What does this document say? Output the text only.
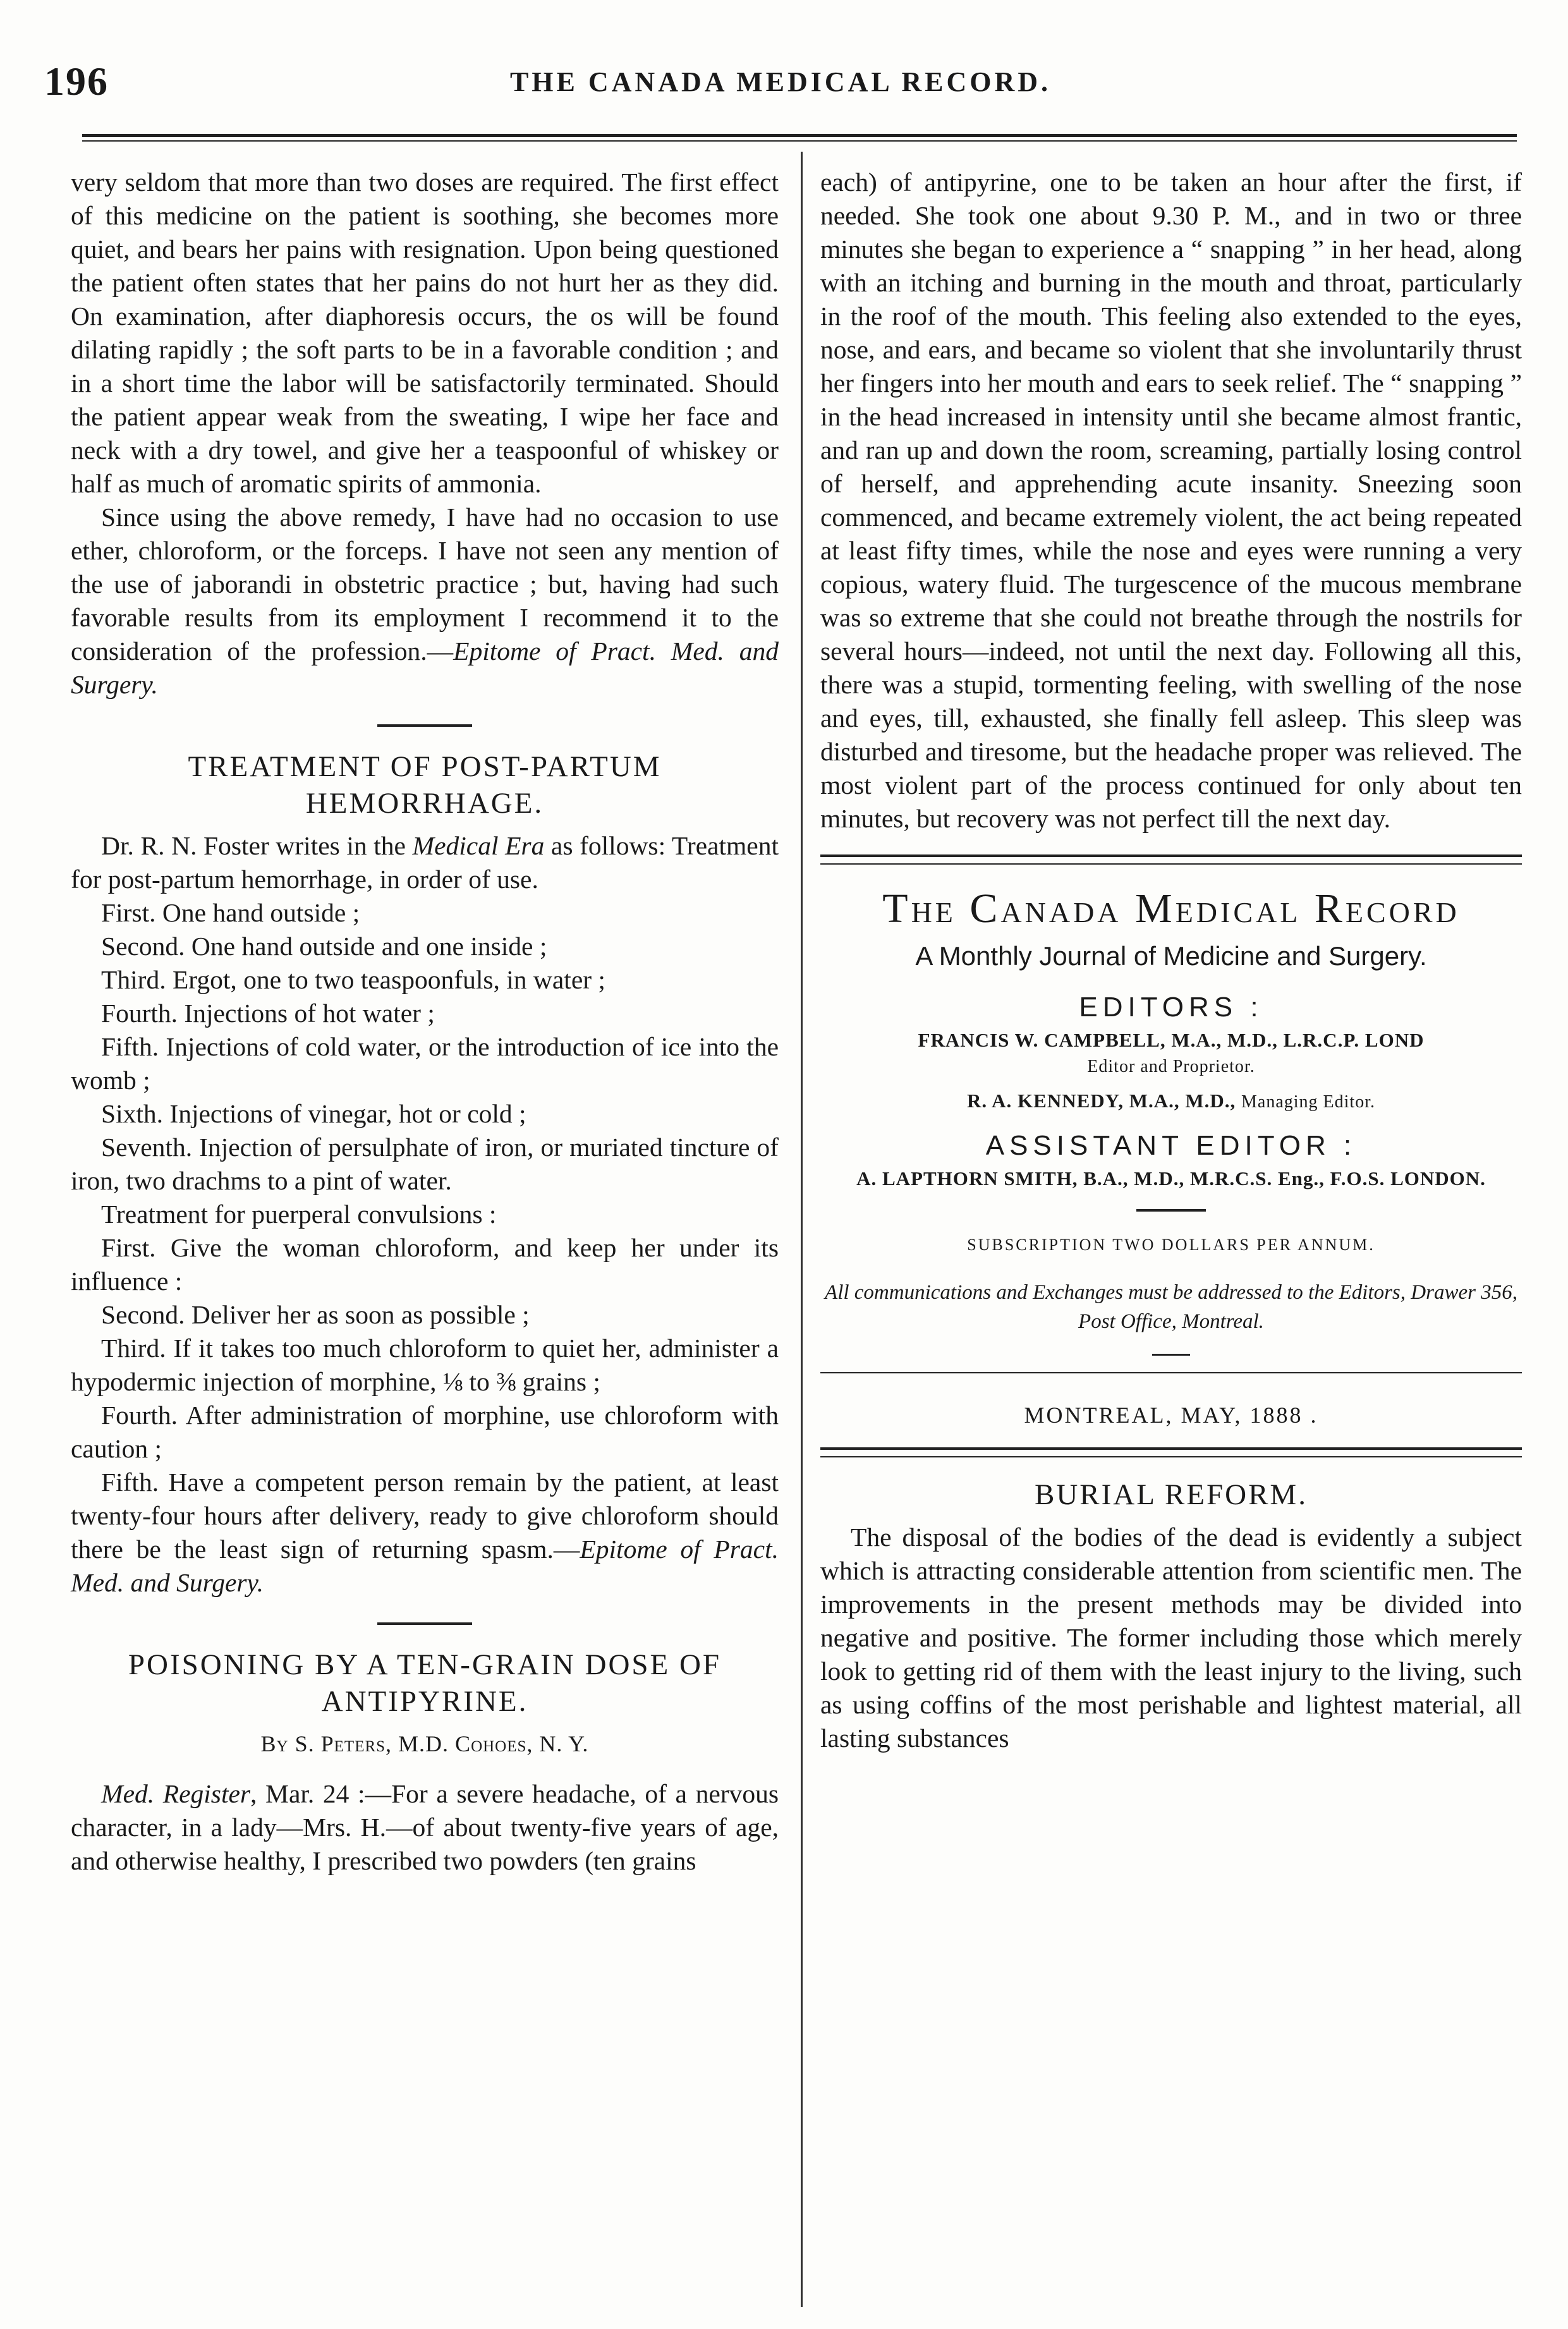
196	THE CANADA MEDICAL RECORD.

very seldom that more than two doses are required. The first effect of this medicine on the patient is soothing, she becomes more quiet, and bears her pains with resignation. Upon being questioned the patient often states that her pains do not hurt her as they did. On examination, after diaphoresis occurs, the os will be found dilating rapidly ; the soft parts to be in a favorable condition ; and in a short time the labor will be satisfactorily terminated. Should the patient appear weak from the sweating, I wipe her face and neck with a dry towel, and give her a teaspoonful of whiskey or half as much of aromatic spirits of ammonia.

Since using the above remedy, I have had no occasion to use ether, chloroform, or the forceps. I have not seen any mention of the use of jaborandi in obstetric practice ; but, having had such favorable results from its employment I recommend it to the consideration of the profession.—Epitome of Pract. Med. and Surgery.

TREATMENT OF POST-PARTUM HEMORRHAGE.

Dr. R. N. Foster writes in the Medical Era as follows: Treatment for post-partum hemorrhage, in order of use.

First. One hand outside ;

Second. One hand outside and one inside ;

Third. Ergot, one to two teaspoonfuls, in water ;

Fourth. Injections of hot water ;

Fifth. Injections of cold water, or the introduction of ice into the womb ;

Sixth. Injections of vinegar, hot or cold ;

Seventh. Injection of persulphate of iron, or muriated tincture of iron, two drachms to a pint of water.

Treatment for puerperal convulsions :

First. Give the woman chloroform, and keep her under its influence :

Second. Deliver her as soon as possible ;

Third. If it takes too much chloroform to quiet her, administer a hypodermic injection of morphine, ⅛ to ⅜ grains ;

Fourth. After administration of morphine, use chloroform with caution ;

Fifth. Have a competent person remain by the patient, at least twenty-four hours after delivery, ready to give chloroform should there be the least sign of returning spasm.—Epitome of Pract. Med. and Surgery.

POISONING BY A TEN-GRAIN DOSE OF ANTIPYRINE.
By S. Peters, M.D. Cohoes, N. Y.

Med. Register, Mar. 24 :—For a severe headache, of a nervous character, in a lady—Mrs. H.—of about twenty-five years of age, and otherwise healthy, I prescribed two powders (ten grains

each) of antipyrine, one to be taken an hour after the first, if needed. She took one about 9.30 P. M., and in two or three minutes she began to experience a “ snapping ” in her head, along with an itching and burning in the mouth and throat, particularly in the roof of the mouth. This feeling also extended to the eyes, nose, and ears, and became so violent that she involuntarily thrust her fingers into her mouth and ears to seek relief. The “ snapping ” in the head increased in intensity until she became almost frantic, and ran up and down the room, screaming, partially losing control of herself, and apprehending acute insanity. Sneezing soon commenced, and became extremely violent, the act being repeated at least fifty times, while the nose and eyes were running a very copious, watery fluid. The turgescence of the mucous membrane was so extreme that she could not breathe through the nostrils for several hours—indeed, not until the next day. Following all this, there was a stupid, tormenting feeling, with swelling of the nose and eyes, till, exhausted, she finally fell asleep. This sleep was disturbed and tiresome, but the headache proper was relieved. The most violent part of the process continued for only about ten minutes, but recovery was not perfect till the next day.

The Canada Medical Record
A Monthly Journal of Medicine and Surgery.
EDITORS :
FRANCIS W. CAMPBELL, M.A., M.D., L.R.C.P. LOND
Editor and Proprietor.
R. A. KENNEDY, M.A., M.D., Managing Editor.
ASSISTANT EDITOR :
A. LAPTHORN SMITH, B.A., M.D., M.R.C.S. Eng., F.O.S. LONDON.
SUBSCRIPTION TWO DOLLARS PER ANNUM.
All communications and Exchanges must be addressed to the Editors, Drawer 356, Post Office, Montreal.
MONTREAL, MAY, 1888 .
BURIAL REFORM.

The disposal of the bodies of the dead is evidently a subject which is attracting considerable attention from scientific men. The improvements in the present methods may be divided into negative and positive. The former including those which merely look to getting rid of them with the least injury to the living, such as using coffins of the most perishable and lightest material, all lasting substances
